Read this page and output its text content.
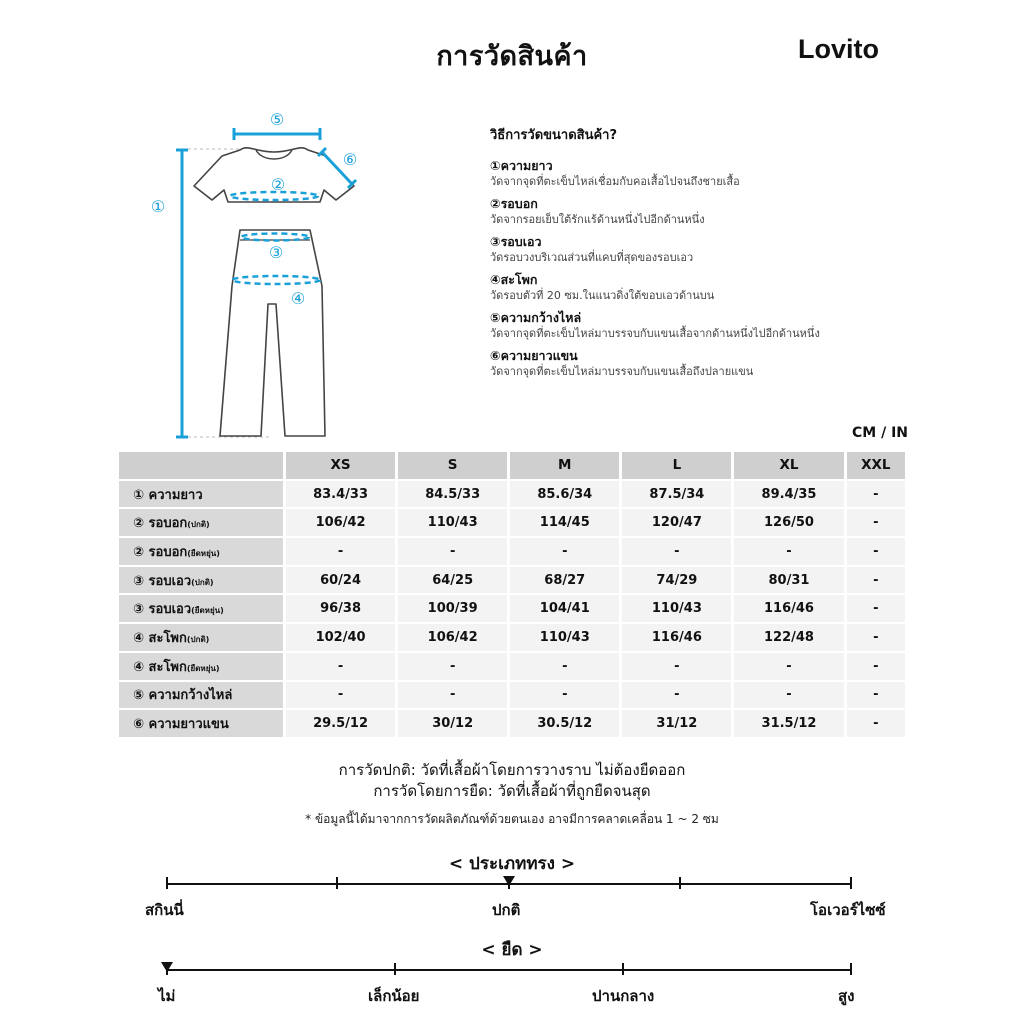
การวัดสินค้า	Lovito
①
②
③
④
⑤
⑥
วิธีการวัดขนาดสินค้า?
①ความยาว
วัดจากจุดที่ตะเข็บไหล่เชื่อมกับคอเสื้อไปจนถึงชายเสื้อ
②รอบอก
วัดจากรอยเย็บใต้รักแร้ด้านหนึ่งไปอีกด้านหนึ่ง
③รอบเอว
วัดรอบวงบริเวณส่วนที่แคบที่สุดของรอบเอว
④สะโพก
วัดรอบตัวที่ 20 ซม.ในแนวดิ่งใต้ขอบเอวด้านบน
⑤ความกว้างไหล่
วัดจากจุดที่ตะเข็บไหล่มาบรรจบกับแขนเสื้อจากด้านหนึ่งไปอีกด้านหนึ่ง
⑥ความยาวแขน
วัดจากจุดที่ตะเข็บไหล่มาบรรจบกับแขนเสื้อถึงปลายแขน
CM / IN
	XS	S	M	L	XL	XXL
① ความยาว	83.4/33	84.5/33	85.6/34	87.5/34	89.4/35	-
② รอบอก(ปกติ)	106/42	110/43	114/45	120/47	126/50	-
② รอบอก(ยืดหยุ่น)	-	-	-	-	-	-
③ รอบเอว(ปกติ)	60/24	64/25	68/27	74/29	80/31	-
③ รอบเอว(ยืดหยุ่น)	96/38	100/39	104/41	110/43	116/46	-
④ สะโพก(ปกติ)	102/40	106/42	110/43	116/46	122/48	-
④ สะโพก(ยืดหยุ่น)	-	-	-	-	-	-
⑤ ความกว้างไหล่	-	-	-	-	-	-
⑥ ความยาวแขน	29.5/12	30/12	30.5/12	31/12	31.5/12	-
การวัดปกติ: วัดที่เสื้อผ้าโดยการวางราบ ไม่ต้องยืดออก
การวัดโดยการยืด: วัดที่เสื้อผ้าที่ถูกยืดจนสุด
* ข้อมูลนี้ได้มาจากการวัดผลิตภัณฑ์ด้วยตนเอง อาจมีการคลาดเคลื่อน 1 ~ 2 ซม
< ประเภททรง >
สกินนี่	ปกติ	โอเวอร์ไซซ์
< ยืด >
ไม่	เล็กน้อย	ปานกลาง	สูง
